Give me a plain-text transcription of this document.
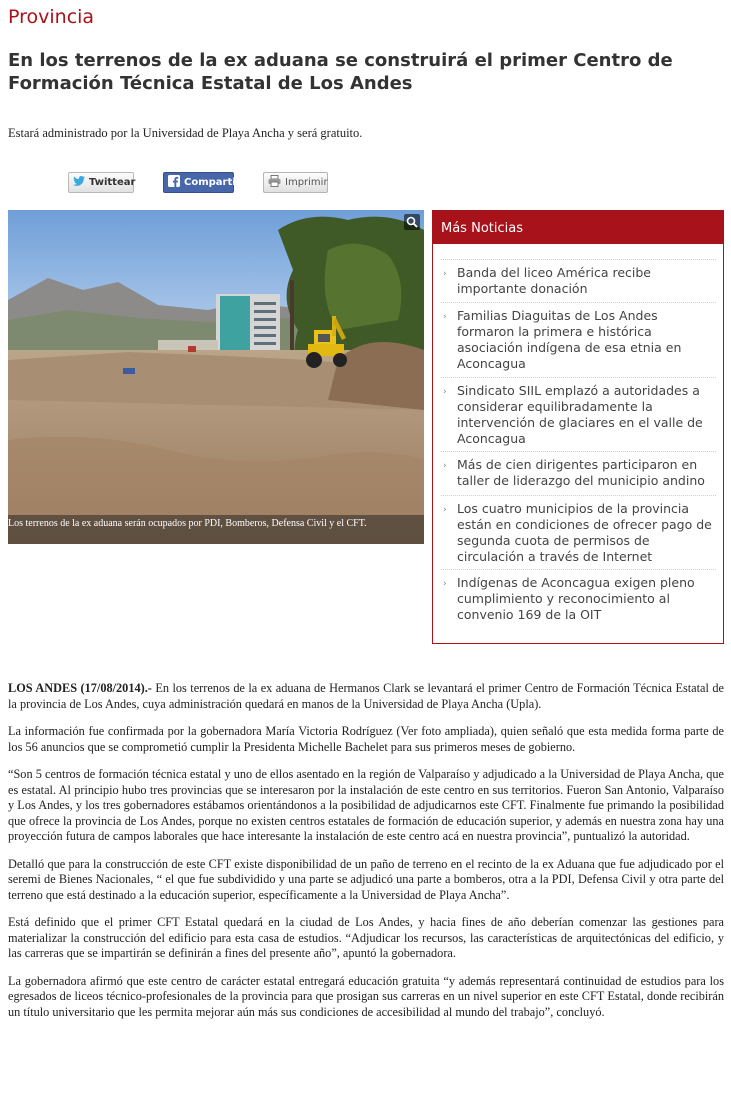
Provincia
En los terrenos de la ex aduana se construirá el primer Centro de Formación Técnica Estatal de Los Andes
Estará administrado por la Universidad de Playa Ancha y será gratuito.
Twittear	Compartir	Imprimir
Los terrenos de la ex aduana serán ocupados por PDI, Bomberos, Defensa Civil y el CFT.
Más Noticias
› Banda del liceo América recibe importante donación
› Familias Diaguitas de Los Andes formaron la primera e histórica asociación indígena de esa etnia en Aconcagua
› Sindicato SIIL emplazó a autoridades a considerar equilibradamente la intervención de glaciares en el valle de Aconcagua
› Más de cien dirigentes participaron en taller de liderazgo del municipio andino
› Los cuatro municipios de la provincia están en condiciones de ofrecer pago de segunda cuota de permisos de circulación a través de Internet
› Indígenas de Aconcagua exigen pleno cumplimiento y reconocimiento al convenio 169 de la OIT

LOS ANDES (17/08/2014).- En los terrenos de la ex aduana de Hermanos Clark se levantará el primer Centro de Formación Técnica Estatal de la provincia de Los Andes, cuya administración quedará en manos de la Universidad de Playa Ancha (Upla).

La información fue confirmada por la gobernadora María Victoria Rodríguez (Ver foto ampliada), quien señaló que esta medida forma parte de los 56 anuncios que se comprometió cumplir la Presidenta Michelle Bachelet para sus primeros meses de gobierno.

“Son 5 centros de formación técnica estatal y uno de ellos asentado en la región de Valparaíso y adjudicado a la Universidad de Playa Ancha, que es estatal. Al principio hubo tres provincias que se interesaron por la instalación de este centro en sus territorios. Fueron San Antonio, Valparaíso y Los Andes, y los tres gobernadores estábamos orientándonos a la posibilidad de adjudicarnos este CFT. Finalmente fue primando la posibilidad que ofrece la provincia de Los Andes, porque no existen centros estatales de formación de educación superior, y además en nuestra zona hay una proyección futura de campos laborales que hace interesante la instalación de este centro acá en nuestra provincia”, puntualizó la autoridad.

Detalló que para la construcción de este CFT existe disponibilidad de un paño de terreno en el recinto de la ex Aduana que fue adjudicado por el seremi de Bienes Nacionales, “ el que fue subdividido y una parte se adjudicó una parte a bomberos, otra a la PDI, Defensa Civil y otra parte del terreno que está destinado a la educación superior, específicamente a la Universidad de Playa Ancha”.

Está definido que el primer CFT Estatal quedará en la ciudad de Los Andes, y hacia fines de año deberían comenzar las gestiones para materializar la construcción del edificio para esta casa de estudios. “Adjudicar los recursos, las características de arquitectónicas del edificio, y las carreras que se impartirán se definirán a fines del presente año”, apuntó la gobernadora.

La gobernadora afirmó que este centro de carácter estatal entregará educación gratuita “y además representará continuidad de estudios para los egresados de liceos técnico-profesionales de la provincia para que prosigan sus carreras en un nivel superior en este CFT Estatal, donde recibirán un título universitario que les permita mejorar aún más sus condiciones de accesibilidad al mundo del trabajo”, concluyó.
